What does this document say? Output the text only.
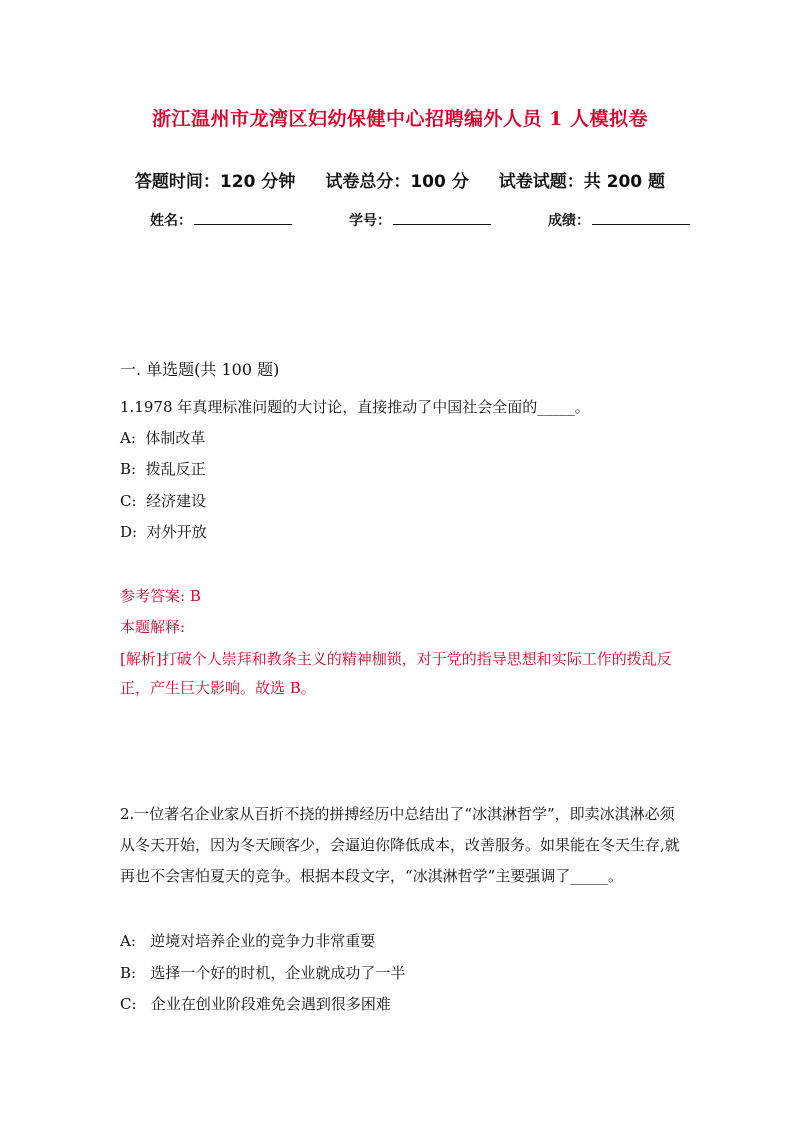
浙江温州市龙湾区妇幼保健中心招聘编外人员 1 人模拟卷
答题时间：120 分钟 试卷总分：100 分 试卷试题：共 200 题
姓名：	学号：	成绩：
一. 单选题(共 100 题)
1.1978 年真理标准问题的大讨论，直接推动了中国社会全面的_____。
A:  体制改革
B:  拨乱反正
C:  经济建设
D:  对外开放
参考答案: B
本题解释:
[解析]打破个人崇拜和教条主义的精神枷锁，对于党的指导思想和实际工作的拨乱反正，产生巨大影响。故选 B。
2.一位著名企业家从百折不挠的拼搏经历中总结出了“冰淇淋哲学”，即卖冰淇淋必须从冬天开始，因为冬天顾客少，会逼迫你降低成本，改善服务。如果能在冬天生存,就再也不会害怕夏天的竞争。根据本段文字，“冰淇淋哲学”主要强调了_____。
A:   逆境对培养企业的竞争力非常重要
B:   选择一个好的时机，企业就成功了一半
C:   企业在创业阶段难免会遇到很多困难
